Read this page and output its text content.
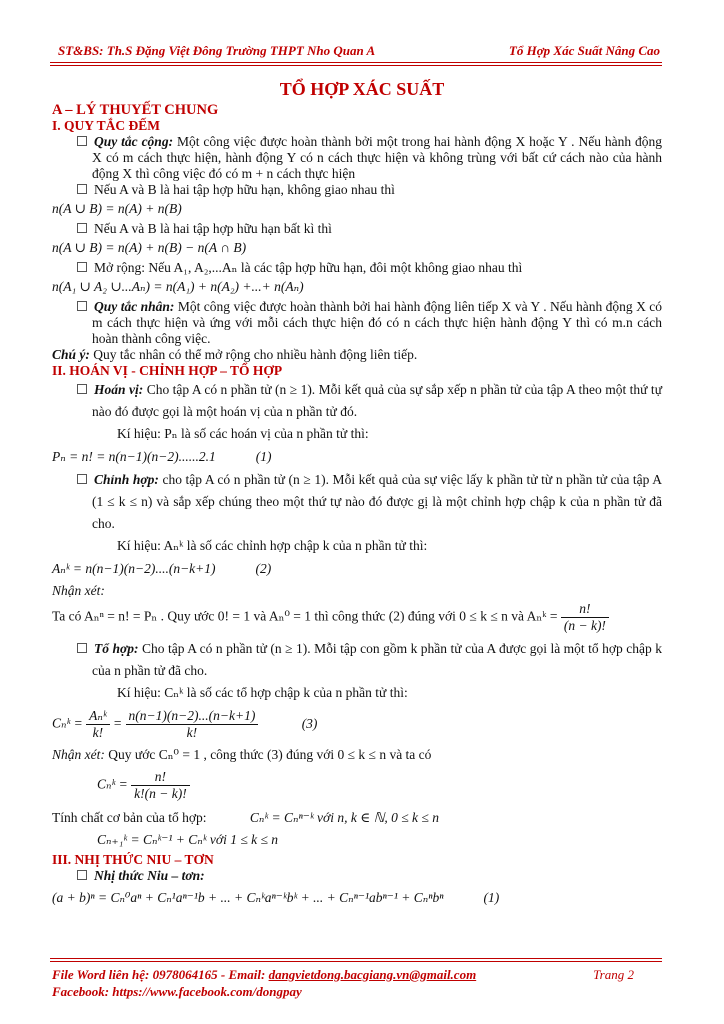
ST&BS: Th.S Đặng Việt Đông Trường THPT Nho Quan A	Tổ Hợp Xác Suất Nâng Cao
TỔ HỢP XÁC SUẤT
A – LÝ THUYẾT CHUNG
I. QUY TẮC ĐẾM
Quy tắc cộng: Một công việc được hoàn thành bởi một trong hai hành động X hoặc Y . Nếu hành động X có m cách thực hiện, hành động Y có n cách thực hiện và không trùng với bất cứ cách nào của hành động X thì công việc đó có m + n cách thực hiện
Nếu A và B là hai tập hợp hữu hạn, không giao nhau thì
n(A ∪ B) = n(A) + n(B)
Nếu A và B là hai tập hợp hữu hạn bất kì thì
n(A ∪ B) = n(A) + n(B) − n(A ∩ B)
Mở rộng: Nếu A₁, A₂,...Aₙ là các tập hợp hữu hạn, đôi một không giao nhau thì
n(A₁ ∪ A₂ ∪...Aₙ) = n(A₁) + n(A₂) +...+ n(Aₙ)
Quy tắc nhân: Một công việc được hoàn thành bởi hai hành động liên tiếp X và Y . Nếu hành động X có m cách thực hiện và ứng với mỗi cách thực hiện đó có n cách thực hiện hành động Y thì có m.n cách hoàn thành công việc.
Chú ý: Quy tắc nhân có thể mở rộng cho nhiều hành động liên tiếp.
II. HOÁN VỊ - CHỈNH HỢP – TỔ HỢP
Hoán vị: Cho tập A có n phần tử (n ≥ 1). Mỗi kết quả của sự sắp xếp n phần tử của tập A theo một thứ tự nào đó được gọi là một hoán vị của n phần tử đó.
Kí hiệu: Pₙ là số các hoán vị của n phần tử thì:
Pₙ = n! = n(n−1)(n−2)......2.1	(1)
Chỉnh hợp: cho tập A có n phần tử (n ≥ 1). Mỗi kết quả của sự việc lấy k phần tử từ n phần tử của tập A (1 ≤ k ≤ n) và sắp xếp chúng theo một thứ tự nào đó được gị là một chỉnh hợp chập k của n phần tử đã cho.
Kí hiệu: Aₙᵏ là số các chỉnh hợp chập k của n phần tử thì:
Aₙᵏ = n(n−1)(n−2)....(n−k+1)	(2)
Nhận xét:
Ta có Aₙⁿ = n! = Pₙ . Quy ước 0! = 1 và Aₙ⁰ = 1 thì công thức (2) đúng với 0 ≤ k ≤ n và Aₙᵏ = $\frac{n!}{(n - k)!}$
Tổ hợp: Cho tập A có n phần tử (n ≥ 1). Mỗi tập con gồm k phần tử của A được gọi là một tổ hợp chập k của n phần tử đã cho.
Kí hiệu: Cₙᵏ là số các tổ hợp chập k của n phần tử thì:
Cₙᵏ =
Aₙᵏ
k!
= $\frac{n(n-1)(n-2)...(n-k+1)}{k!}$	(3)
Nhận xét: Quy ước Cₙ⁰ = 1 , công thức (3) đúng với 0 ≤ k ≤ n và ta có
Cₙᵏ = $\frac{n!}{k!(n - k)!}$
Tính chất cơ bản của tổ hợp:	Cₙᵏ = Cₙⁿ⁻ᵏ với n, k ∈ ℕ, 0 ≤ k ≤ n
Cₙ₊₁ᵏ = Cₙᵏ⁻¹ + Cₙᵏ với 1 ≤ k ≤ n
III. NHỊ THỨC NIU – TƠN
Nhị thức Niu – tơn:
(a + b)ⁿ = Cₙ⁰aⁿ + Cₙ¹aⁿ⁻¹b + ... + Cₙᵏaⁿ⁻ᵏbᵏ + ... + Cₙⁿ⁻¹abⁿ⁻¹ + Cₙⁿbⁿ	(1)
File Word liên hệ: 0978064165 - Email: dangvietdong.bacgiang.vn@gmail.com	Trang 2
Facebook: https://www.facebook.com/dongpay
